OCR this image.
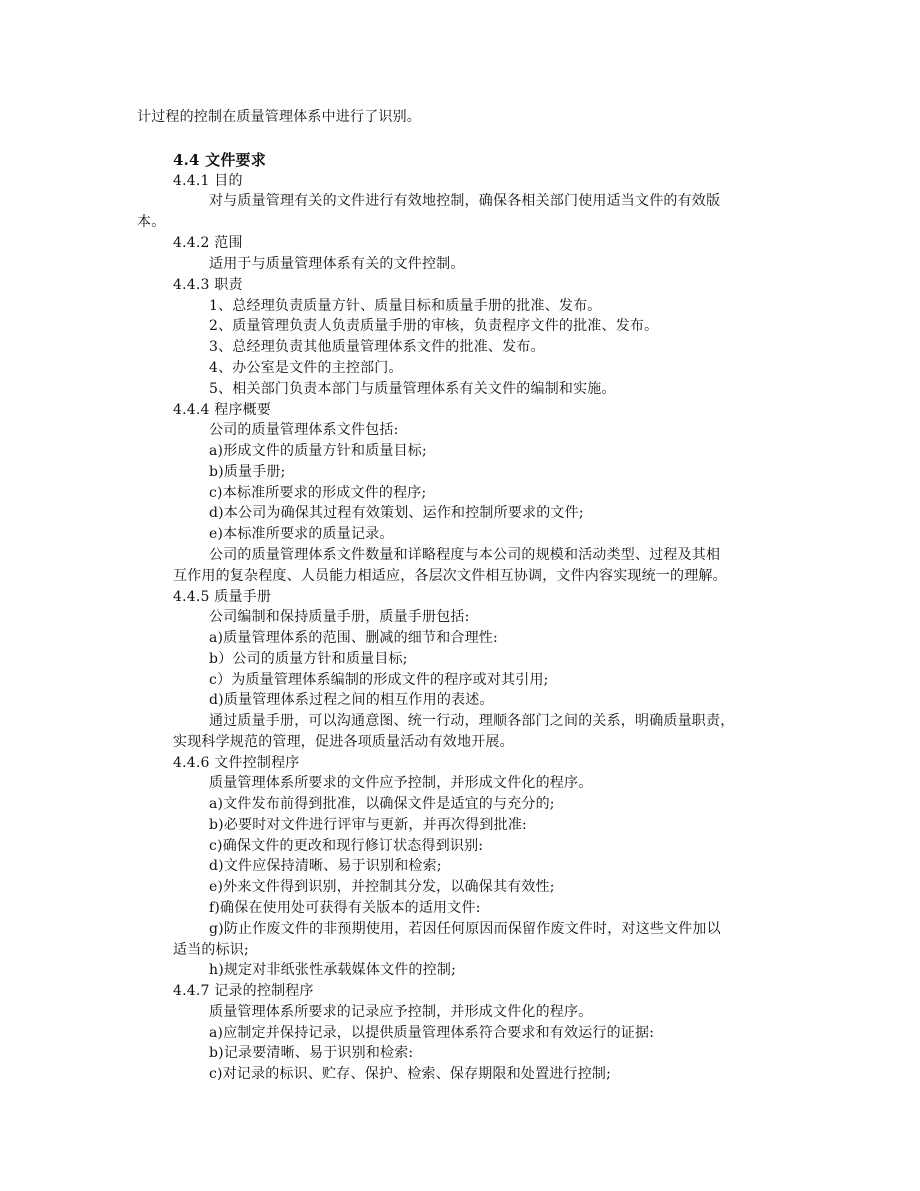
计过程的控制在质量管理体系中进行了识别。
4.4 文件要求
4.4.1 目的
对与质量管理有关的文件进行有效地控制，确保各相关部门使用适当文件的有效版
本。
4.4.2 范围
适用于与质量管理体系有关的文件控制。
4.4.3 职责
1、总经理负责质量方针、质量目标和质量手册的批准、发布。
2、质量管理负责人负责质量手册的审核，负责程序文件的批准、发布。
3、总经理负责其他质量管理体系文件的批准、发布。
4、办公室是文件的主控部门。
5、相关部门负责本部门与质量管理体系有关文件的编制和实施。
4.4.4 程序概要
公司的质量管理体系文件包括:
a)形成文件的质量方针和质量目标;
b)质量手册;
c)本标准所要求的形成文件的程序;
d)本公司为确保其过程有效策划、运作和控制所要求的文件;
e)本标准所要求的质量记录。
公司的质量管理体系文件数量和详略程度与本公司的规模和活动类型、过程及其相
互作用的复杂程度、人员能力相适应，各层次文件相互协调，文件内容实现统一的理解。
4.4.5 质量手册
公司编制和保持质量手册，质量手册包括:
a)质量管理体系的范围、删减的细节和合理性:
b）公司的质量方针和质量目标;
c）为质量管理体系编制的形成文件的程序或对其引用;
d)质量管理体系过程之间的相互作用的表述。
通过质量手册，可以沟通意图、统一行动，理顺各部门之间的关系，明确质量职责，
实现科学规范的管理，促进各项质量活动有效地开展。
4.4.6 文件控制程序
质量管理体系所要求的文件应予控制，并形成文件化的程序。
a)文件发布前得到批准，以确保文件是适宜的与充分的;
b)必要时对文件进行评审与更新，并再次得到批准:
c)确保文件的更改和现行修订状态得到识别:
d)文件应保持清晰、易于识别和检索;
e)外来文件得到识别，并控制其分发，以确保其有效性;
f)确保在使用处可获得有关版本的适用文件:
g)防止作废文件的非预期使用，若因任何原因而保留作废文件时，对这些文件加以
适当的标识;
h)规定对非纸张性承载媒体文件的控制;
4.4.7 记录的控制程序
质量管理体系所要求的记录应予控制，并形成文件化的程序。
a)应制定并保持记录，以提供质量管理体系符合要求和有效运行的证据:
b)记录要清晰、易于识别和检索:
c)对记录的标识、贮存、保护、检索、保存期限和处置进行控制;
